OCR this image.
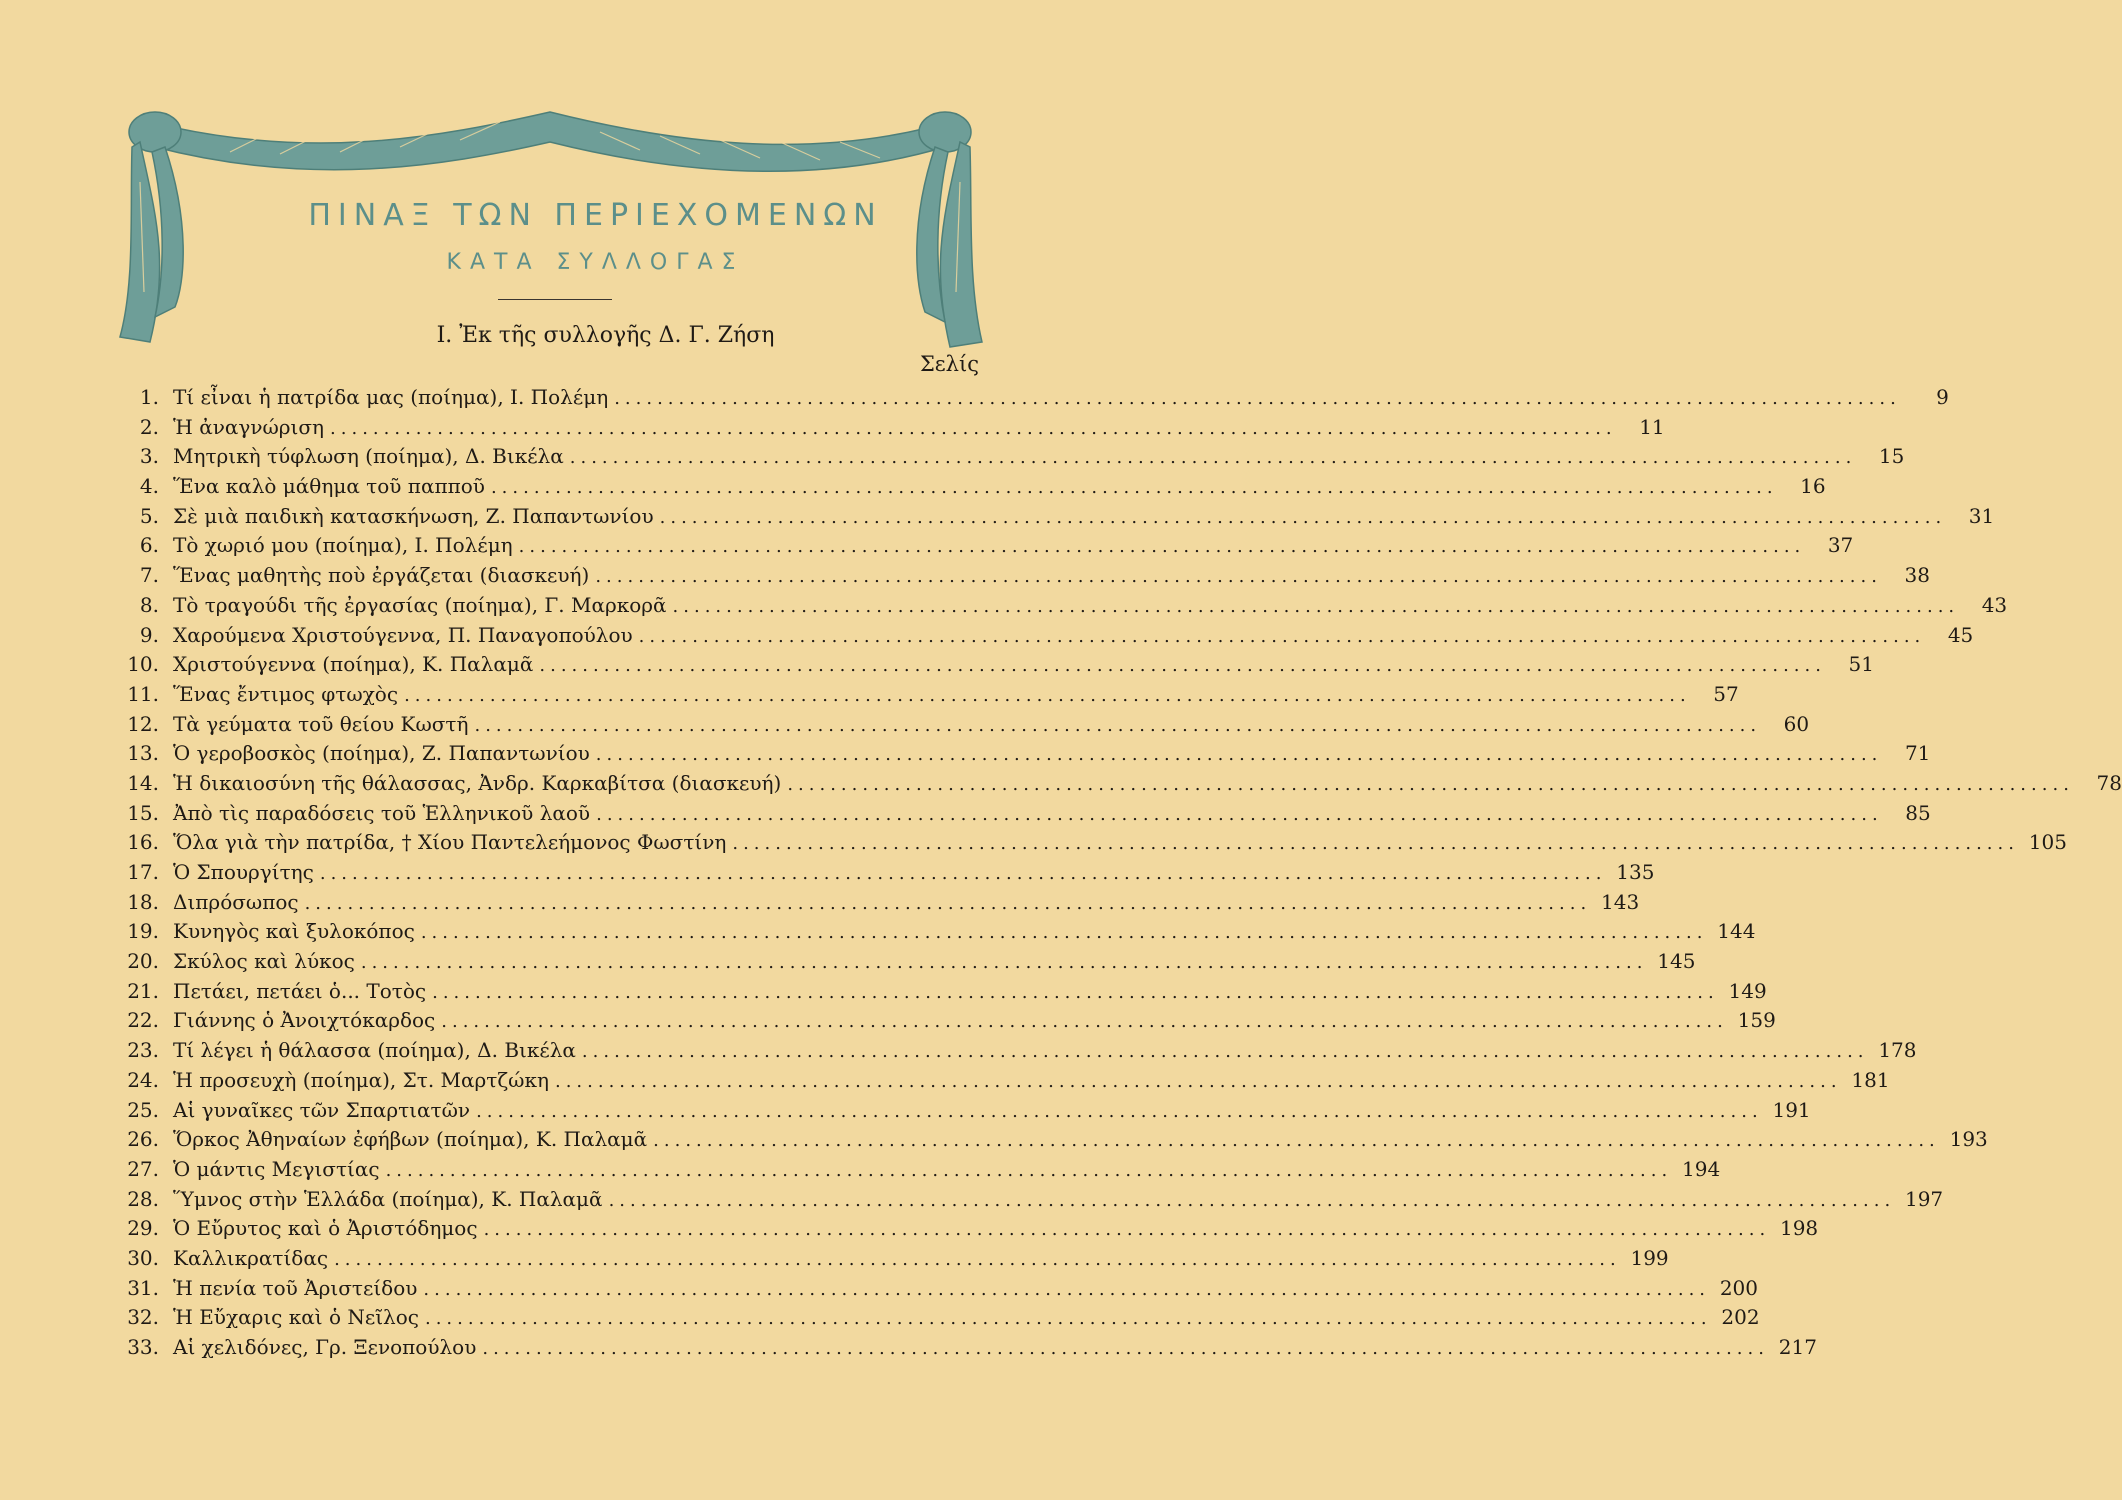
ΠΙΝΑΞ ΤΩΝ ΠΕΡΙΕΧΟΜΕΝΩΝ
ΚΑΤΑ ΣΥΛΛΟΓΑΣ
Ι. Ἐκ τῆς συλλογῆς Δ. Γ. Ζήση
Σελίς
1. Τί εἶναι ἡ πατρίδα μας (ποίημα), Ι. Πολέμη ........................................................................................................................	9
2. Ἡ ἀναγνώριση ........................................................................................................................	11
3. Μητρικὴ τύφλωση (ποίημα), Δ. Βικέλα ........................................................................................................................	15
4. Ἕνα καλὸ μάθημα τοῦ παπποῦ ........................................................................................................................	16
5. Σὲ μιὰ παιδικὴ κατασκήνωση, Ζ. Παπαντωνίου ........................................................................................................................	31
6. Τὸ χωριό μου (ποίημα), Ι. Πολέμη ........................................................................................................................	37
7. Ἕνας μαθητὴς ποὺ ἐργάζεται (διασκευή) ........................................................................................................................	38
8. Τὸ τραγούδι τῆς ἐργασίας (ποίημα), Γ. Μαρκορᾶ ........................................................................................................................	43
9. Χαρούμενα Χριστούγεννα, Π. Παναγοπούλου ........................................................................................................................	45
10. Χριστούγεννα (ποίημα), Κ. Παλαμᾶ ........................................................................................................................	51
11. Ἕνας ἔντιμος φτωχὸς ........................................................................................................................	57
12. Τὰ γεύματα τοῦ θείου Κωστῆ ........................................................................................................................	60
13. Ὁ γεροβοσκὸς (ποίημα), Ζ. Παπαντωνίου ........................................................................................................................	71
14. Ἡ δικαιοσύνη τῆς θάλασσας, Ἀνδρ. Καρκαβίτσα (διασκευή) ........................................................................................................................	78
15. Ἀπὸ τὶς παραδόσεις τοῦ Ἑλληνικοῦ λαοῦ ........................................................................................................................	85
16. Ὅλα γιὰ τὴν πατρίδα, † Χίου Παντελεήμονος Φωστίνη ........................................................................................................................ 105
17. Ὁ Σπουργίτης ........................................................................................................................ 135
18. Διπρόσωπος ........................................................................................................................ 143
19. Κυνηγὸς καὶ ξυλοκόπος ........................................................................................................................ 144
20. Σκύλος καὶ λύκος ........................................................................................................................ 145
21. Πετάει, πετάει ὁ... Τοτὸς ........................................................................................................................ 149
22. Γιάννης ὁ Ἀνοιχτόκαρδος ........................................................................................................................ 159
23. Τί λέγει ἡ θάλασσα (ποίημα), Δ. Βικέλα ........................................................................................................................ 178
24. Ἡ προσευχὴ (ποίημα), Στ. Μαρτζώκη ........................................................................................................................ 181
25. Αἱ γυναῖκες τῶν Σπαρτιατῶν ........................................................................................................................ 191
26. Ὅρκος Ἀθηναίων ἐφήβων (ποίημα), Κ. Παλαμᾶ ........................................................................................................................ 193
27. Ὁ μάντις Μεγιστίας ........................................................................................................................ 194
28. Ὕμνος στὴν Ἑλλάδα (ποίημα), Κ. Παλαμᾶ ........................................................................................................................ 197
29. Ὁ Εὔρυτος καὶ ὁ Ἀριστόδημος ........................................................................................................................ 198
30. Καλλικρατίδας ........................................................................................................................ 199
31. Ἡ πενία τοῦ Ἀριστείδου ........................................................................................................................ 200
32. Ἡ Εὔχαρις καὶ ὁ Νεῖλος ........................................................................................................................ 202
33. Αἱ χελιδόνες, Γρ. Ξενοπούλου ........................................................................................................................ 217
